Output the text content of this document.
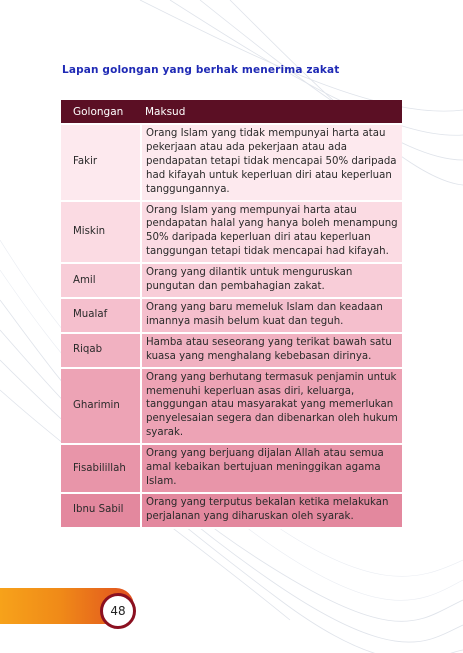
Lapan golongan yang berhak menerima zakat
Golongan	Maksud
Fakir	Orang Islam yang tidak mempunyai harta atau pekerjaan atau ada pekerjaan atau ada pendapatan tetapi tidak mencapai 50% daripada had kifayah untuk keperluan diri atau keperluan tanggungannya.
Miskin	Orang Islam yang mempunyai harta atau pendapatan halal yang hanya boleh menampung 50% daripada keperluan diri atau keperluan tanggungan tetapi tidak mencapai had kifayah.
Amil	Orang yang dilantik untuk menguruskan pungutan dan pembahagian zakat.
Mualaf	Orang yang baru memeluk Islam dan keadaan imannya masih belum kuat dan teguh.
Riqab	Hamba atau seseorang yang terikat bawah satu kuasa yang menghalang kebebasan dirinya.
Gharimin	Orang yang berhutang termasuk penjamin untuk memenuhi keperluan asas diri, keluarga, tanggungan atau masyarakat yang memerlukan penyelesaian segera dan dibenarkan oleh hukum syarak.
Fisabilillah	Orang yang berjuang dijalan Allah atau semua amal kebaikan bertujuan meninggikan agama Islam.
Ibnu Sabil	Orang yang terputus bekalan ketika melakukan perjalanan yang diharuskan oleh syarak.
48
